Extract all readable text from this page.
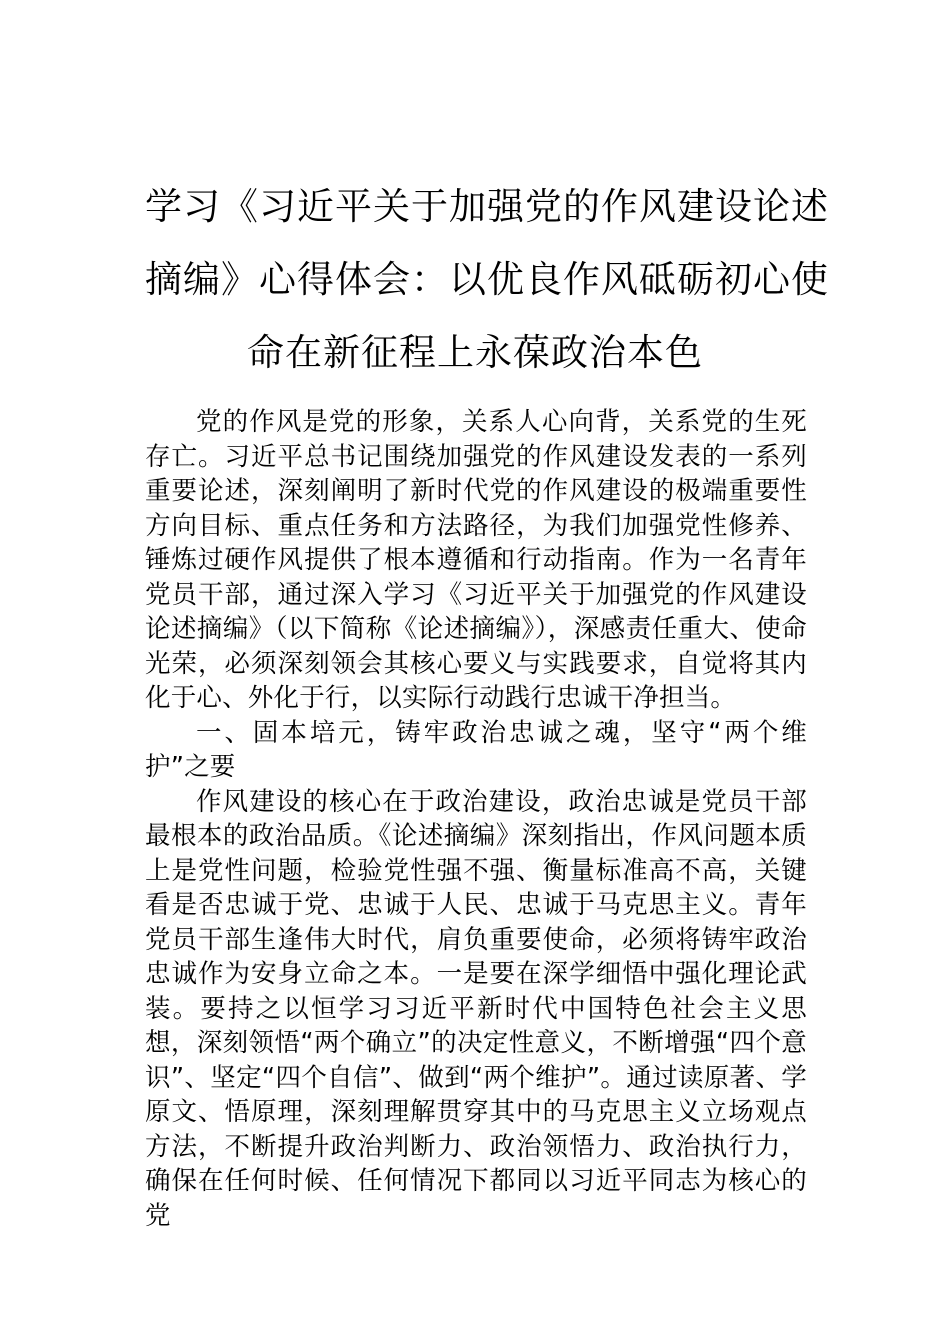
学习《习近平关于加强党的作风建设论述
摘编》心得体会：以优良作风砥砺初心使
命在新征程上永葆政治本色

党的作风是党的形象，关系人心向背，关系党的生死存亡。习近平总书记围绕加强党的作风建设发表的一系列重要论述，深刻阐明了新时代党的作风建设的极端重要性方向目标、重点任务和方法路径，为我们加强党性修养、锤炼过硬作风提供了根本遵循和行动指南。作为一名青年党员干部，通过深入学习《习近平关于加强党的作风建设论述摘编》（以下简称《论述摘编》），深感责任重大、使命光荣，必须深刻领会其核心要义与实践要求，自觉将其内化于心、外化于行，以实际行动践行忠诚干净担当。

一、固本培元，铸牢政治忠诚之魂，坚守“两个维护”之要

作风建设的核心在于政治建设，政治忠诚是党员干部最根本的政治品质。《论述摘编》深刻指出，作风问题本质上是党性问题，检验党性强不强、衡量标准高不高，关键看是否忠诚于党、忠诚于人民、忠诚于马克思主义。青年党员干部生逢伟大时代，肩负重要使命，必须将铸牢政治忠诚作为安身立命之本。一是要在深学细悟中强化理论武装。要持之以恒学习习近平新时代中国特色社会主义思想，深刻领悟“两个确立”的决定性意义，不断增强“四个意识”、坚定“四个自信”、做到“两个维护”。通过读原著、学原文、悟原理，深刻理解贯穿其中的马克思主义立场观点方法，不断提升政治判断力、政治领悟力、政治执行力，确保在任何时候、任何情况下都同以习近平同志为核心的党
